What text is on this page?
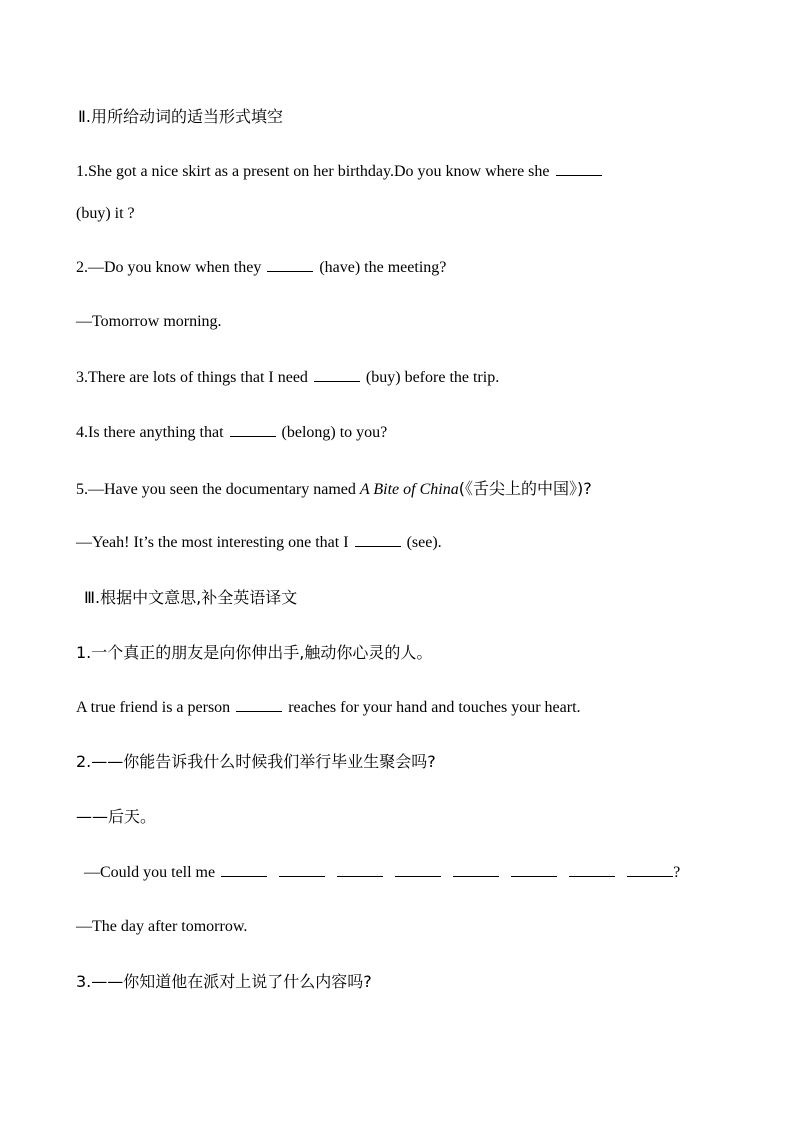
Ⅱ.用所给动词的适当形式填空
1.She got a nice skirt as a present on her birthday.Do you know where she
(buy) it ?
2.—Do you know when they	(have) the meeting?
—Tomorrow morning.
3.There are lots of things that I need	(buy) before the trip.
4.Is there anything that	(belong) to you?
5.—Have you seen the documentary named A Bite of China(《舌尖上的中国》)?
—Yeah! It’s the most interesting one that I	(see).
Ⅲ.根据中文意思,补全英语译文
1.一个真正的朋友是向你伸出手,触动你心灵的人。
A true friend is a person	reaches for your hand and touches your heart.
2.——你能告诉我什么时候我们举行毕业生聚会吗?
——后天。
—Could you tell me	?
—The day after tomorrow.
3.——你知道他在派对上说了什么内容吗?
